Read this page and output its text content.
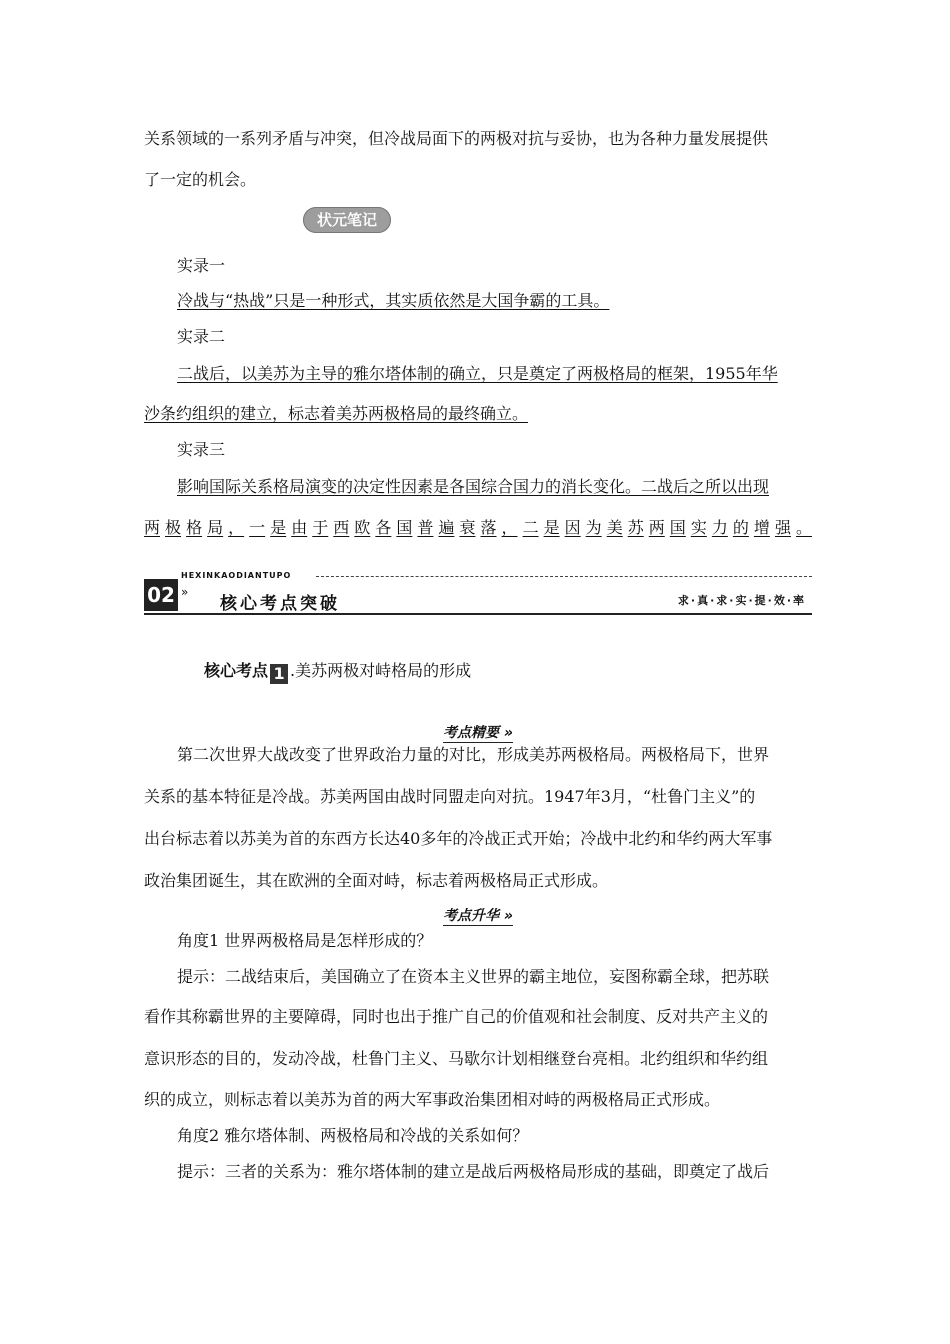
关系领域的一系列矛盾与冲突，但冷战局面下的两极对抗与妥协，也为各种力量发展提供
了一定的机会。
状元笔记
实录一
冷战与“热战”只是一种形式，其实质依然是大国争霸的工具。
实录二
二战后，以美苏为主导的雅尔塔体制的确立，只是奠定了两极格局的框架，1955年华
沙条约组织的建立，标志着美苏两极格局的最终确立。
实录三
影响国际关系格局演变的决定性因素是各国综合国力的消长变化。二战后之所以出现
两 极 格 局 ， 一 是 由 于 西 欧 各 国 普 遍 衰 落 ， 二 是 因 为 美 苏 两 国 实 力 的 增 强 。
HEXINKAODIANTUPO
02 »
核心考点突破	求·真·求·实·提·效·率
核心考点 1 .美苏两极对峙格局的形成
考点精要 »
第二次世界大战改变了世界政治力量的对比，形成美苏两极格局。两极格局下，世界
关系的基本特征是冷战。苏美两国由战时同盟走向对抗。1947年3月，“杜鲁门主义”的
出台标志着以苏美为首的东西方长达40多年的冷战正式开始；冷战中北约和华约两大军事
政治集团诞生，其在欧洲的全面对峙，标志着两极格局正式形成。
考点升华 »
角度1 世界两极格局是怎样形成的？
提示：二战结束后，美国确立了在资本主义世界的霸主地位，妄图称霸全球，把苏联
看作其称霸世界的主要障碍，同时也出于推广自己的价值观和社会制度、反对共产主义的
意识形态的目的，发动冷战，杜鲁门主义、马歇尔计划相继登台亮相。北约组织和华约组
织的成立，则标志着以美苏为首的两大军事政治集团相对峙的两极格局正式形成。
角度2 雅尔塔体制、两极格局和冷战的关系如何？
提示：三者的关系为：雅尔塔体制的建立是战后两极格局形成的基础，即奠定了战后
